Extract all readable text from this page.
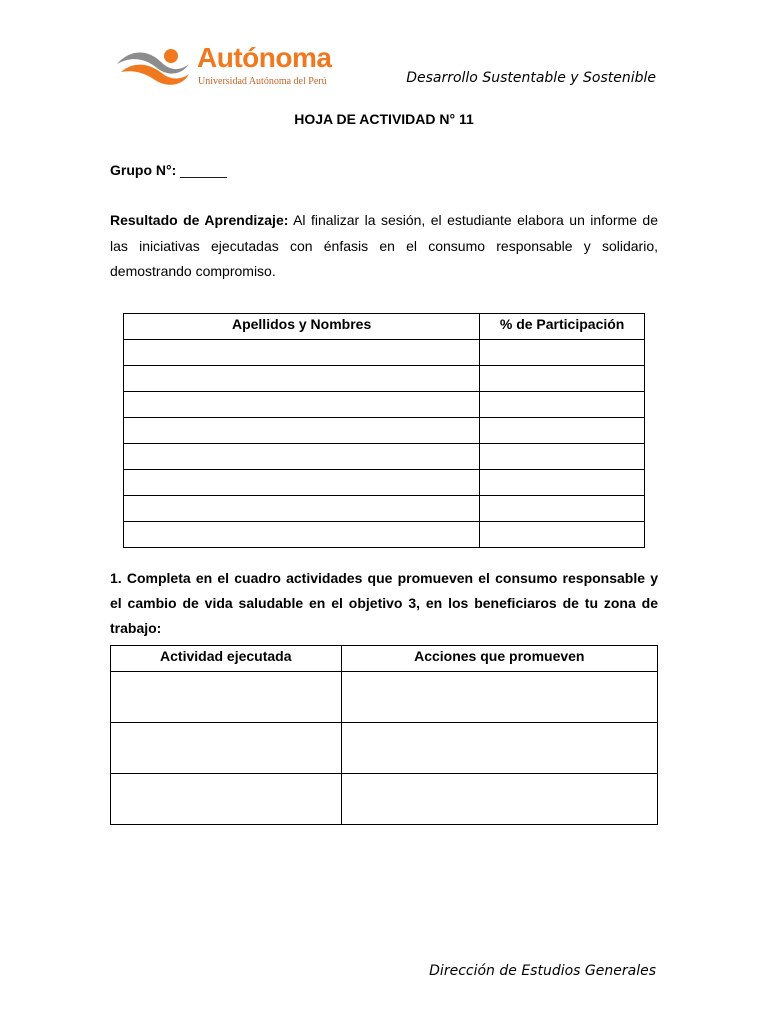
Autónoma
Universidad Autónoma del Perú	Desarrollo Sustentable y Sostenible
HOJA DE ACTIVIDAD N° 11
Grupo N°: ______
Resultado de Aprendizaje: Al finalizar la sesión, el estudiante elabora un informe de las iniciativas ejecutadas con énfasis en el consumo responsable y solidario, demostrando compromiso.
Apellidos y Nombres	% de Participación

1. Completa en el cuadro actividades que promueven el consumo responsable y el cambio de vida saludable en el objetivo 3, en los beneficiaros de tu zona de trabajo:
Actividad ejecutada	Acciones que promueven

Dirección de Estudios Generales
